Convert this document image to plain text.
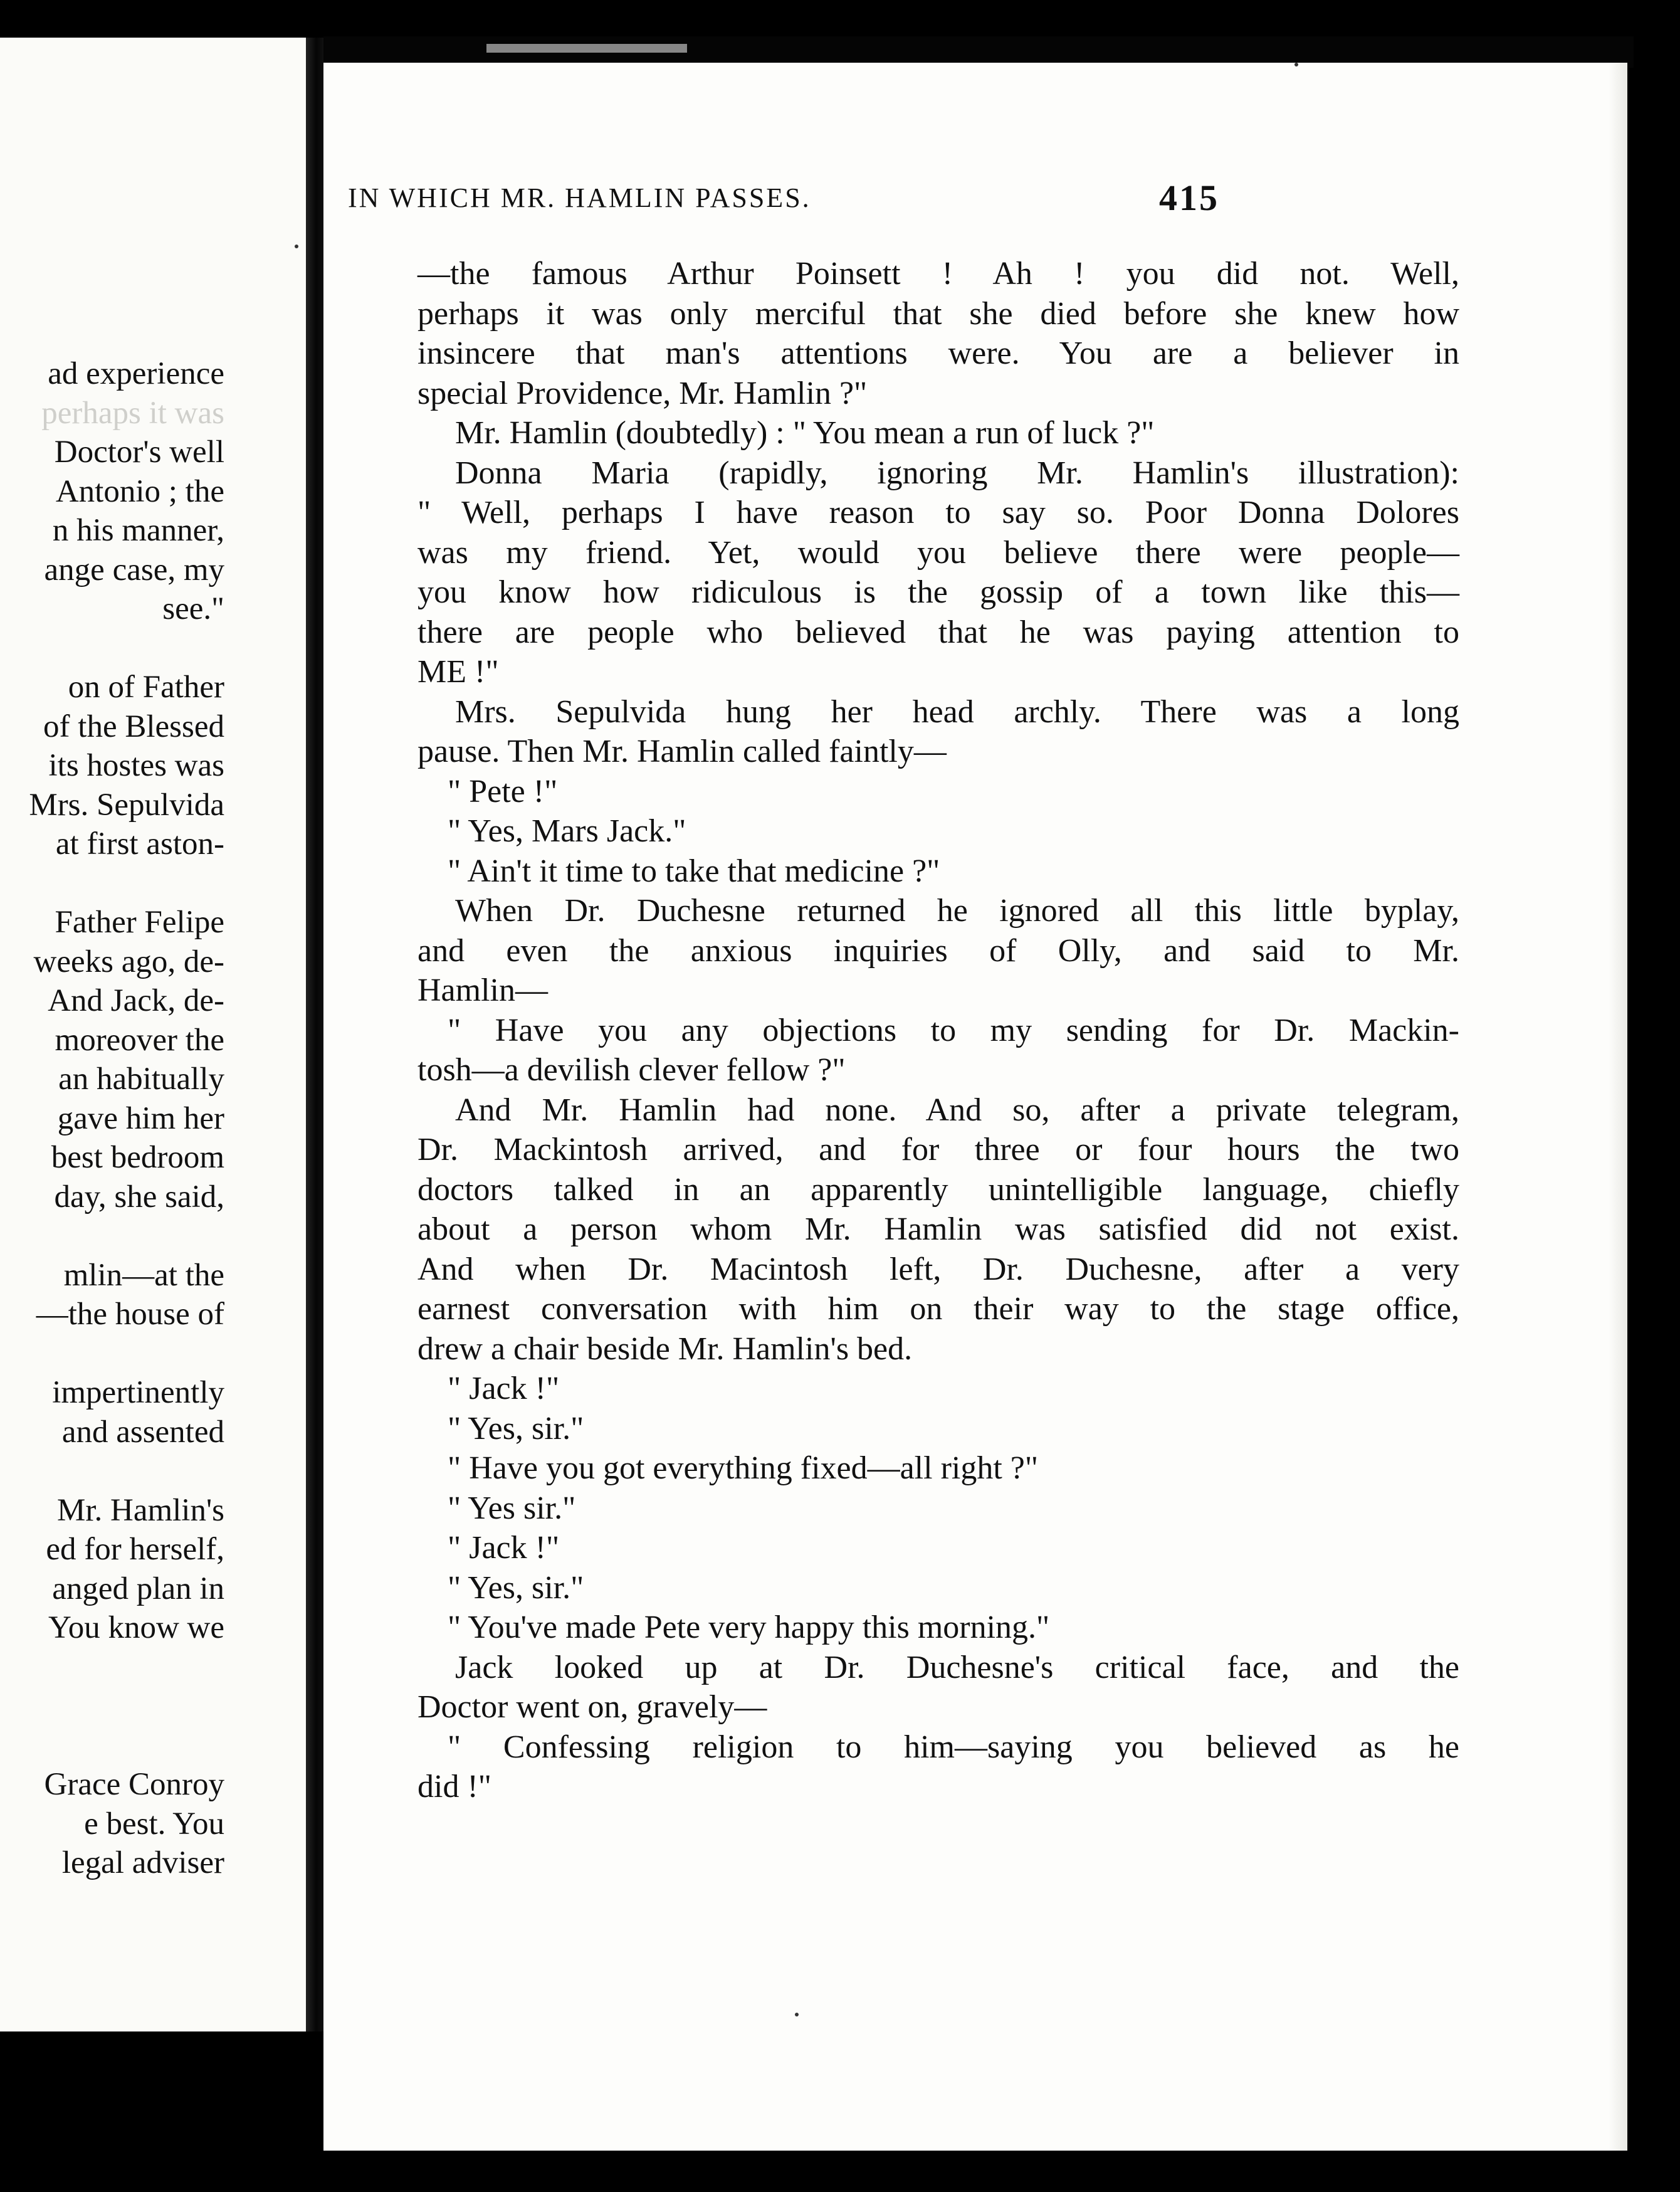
ad experience
perhaps it was
Doctor's well
Antonio ; the
n his manner,
ange case, my
see."
on of Father
of the Blessed
its hostes was
Mrs. Sepulvida
at first aston-
Father Felipe
weeks ago, de-
And Jack, de-
moreover the
an habitually
gave him her
best bedroom
day, she said,
mlin—at the
—the house of
impertinently
and assented
Mr. Hamlin's
ed for herself,
anged plan in
You know we
Grace Conroy
e best. You
legal adviser
IN WHICH MR. HAMLIN PASSES.	415
—the famous Arthur Poinsett ! Ah ! you did not. Well,
perhaps it was only merciful that she died before she knew how
insincere that man's attentions were. You are a believer in
special Providence, Mr. Hamlin ?"
Mr. Hamlin (doubtedly) : " You mean a run of luck ?"
Donna Maria (rapidly, ignoring Mr. Hamlin's illustration):
" Well, perhaps I have reason to say so. Poor Donna Dolores
was my friend. Yet, would you believe there were people—
you know how ridiculous is the gossip of a town like this—
there are people who believed that he was paying attention to
ME !"
Mrs. Sepulvida hung her head archly. There was a long
pause. Then Mr. Hamlin called faintly—
" Pete !"
" Yes, Mars Jack."
" Ain't it time to take that medicine ?"
When Dr. Duchesne returned he ignored all this little byplay,
and even the anxious inquiries of Olly, and said to Mr.
Hamlin—
" Have you any objections to my sending for Dr. Mackin-
tosh—a devilish clever fellow ?"
And Mr. Hamlin had none. And so, after a private telegram,
Dr. Mackintosh arrived, and for three or four hours the two
doctors talked in an apparently unintelligible language, chiefly
about a person whom Mr. Hamlin was satisfied did not exist.
And when Dr. Macintosh left, Dr. Duchesne, after a very
earnest conversation with him on their way to the stage office,
drew a chair beside Mr. Hamlin's bed.
" Jack !"
" Yes, sir."
" Have you got everything fixed—all right ?"
" Yes sir."
" Jack !"
" Yes, sir."
" You've made Pete very happy this morning."
Jack looked up at Dr. Duchesne's critical face, and the
Doctor went on, gravely—
" Confessing religion to him—saying you believed as he
did !"
